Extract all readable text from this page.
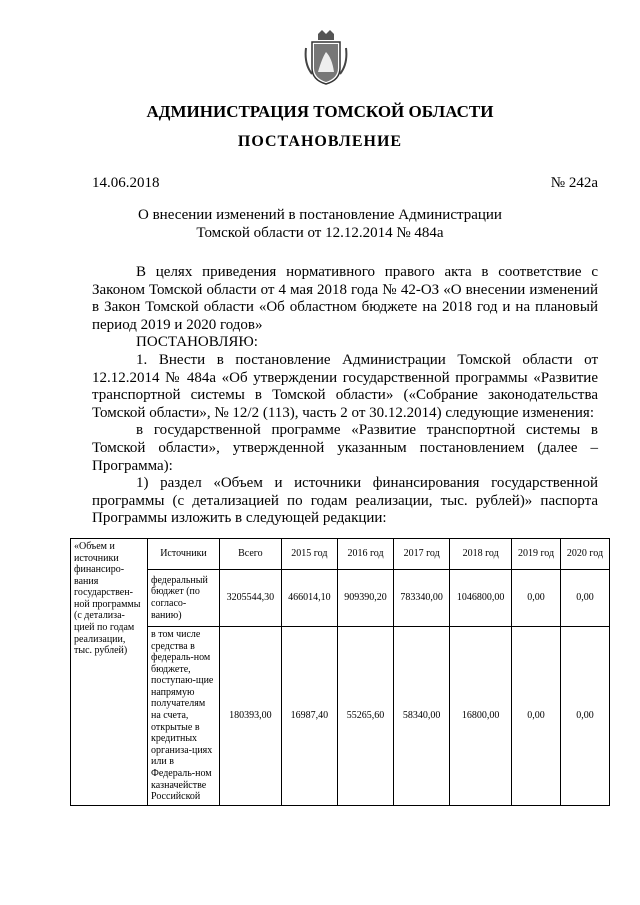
АДМИНИСТРАЦИЯ ТОМСКОЙ ОБЛАСТИ
ПОСТАНОВЛЕНИЕ
14.06.2018	№ 242а
О внесении изменений в постановление Администрации
Томской области от 12.12.2014 № 484а

В целях приведения нормативного правого акта в соответствие с Законом Томской области от 4 мая 2018 года № 42-ОЗ «О внесении изменений в Закон Томской области «Об областном бюджете на 2018 год и на плановый период 2019 и 2020 годов»

ПОСТАНОВЛЯЮ:

1. Внести в постановление Администрации Томской области от 12.12.2014 № 484а «Об утверждении государственной программы «Развитие транспортной системы в Томской области» («Собрание законодательства Томской области», № 12/2 (113), часть 2 от 30.12.2014) следующие изменения:

в государственной программе «Развитие транспортной системы в Томской области», утвержденной указанным постановлением (далее – Программа):

1) раздел «Объем и источники финансирования государственной программы (с детализацией по годам реализации, тыс. рублей)» паспорта Программы изложить в следующей редакции:

«Объем и источники финансиро-вания государствен-ной программы (с детализа-цией по годам реализации, тыс. рублей)	Источники	Всего	2015 год	2016 год	2017 год	2018 год	2019 год	2020 год
	федеральный бюджет (по согласо-ванию)	3205544,30	466014,10	909390,20	783340,00	1046800,00	0,00	0,00
	в том числе средства в федераль-ном бюджете, поступаю-щие напрямую получателям на счета, открытые в кредитных организа-циях или в Федераль-ном казначействе Российской	180393,00	16987,40	55265,60	58340,00	16800,00	0,00	0,00
